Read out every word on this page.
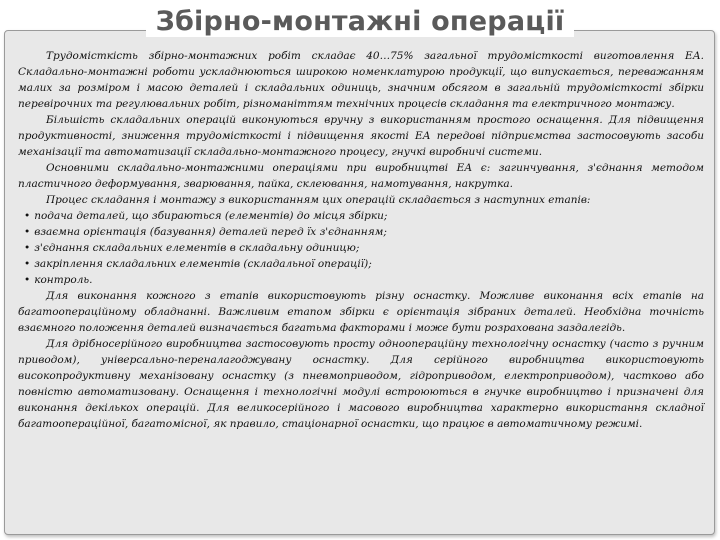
Збірно-монтажні операції

Трудомісткість збірно-монтажних робіт складає 40…75% загальної трудомісткості виготовлення ЕА. Складально-монтажні роботи ускладнюються широкою номенклатурою продукції, що випускається, переважанням малих за розміром і масою деталей і складальних одиниць, значним обсягом в загальній трудомісткості збірки перевірочних та регулювальних робіт, різноманіттям технічних процесів складання та електричного монтажу.

Більшість складальних операцій виконуються вручну з використанням простого оснащення. Для підвищення продуктивності, зниження трудомісткості і підвищення якості ЕА передові підприємства застосовують засоби механізації та автоматизації складально-монтажного процесу, гнучкі виробничі системи.

Основними складально-монтажними операціями при виробництві ЕА є: загинчування, з'єднання методом пластичного деформування, зварювання, пайка, склеювання, намотування, накрутка.

Процес складання і монтажу з використанням цих операцій складається з наступних етапів:

• подача деталей, що збираються (елементів) до місця збірки;
• взаємна орієнтація (базування) деталей перед їх з'єднанням;
• з'єднання складальних елементів в складальну одиницю;
• закріплення складальних елементів (складальної операції);
• контроль.

Для виконання кожного з етапів використовують різну оснастку. Можливе виконання всіх етапів на багатоопераційному обладнанні. Важливим етапом збірки є орієнтація зібраних деталей. Необхідна точність взаємного положення деталей визначається багатьма факторами і може бути розрахована заздалегідь.

Для дрібносерійного виробництва застосовують просту одноопераційну технологічну оснастку (часто з ручним приводом), універсально-переналагоджувану оснастку. Для серійного виробництва використовують високопродуктивну механізовану оснастку (з пневмоприводом, гідроприводом, електроприводом), частково або повністю автоматизовану. Оснащення і технологічні модулі встроюються в гнучке виробництво і призначені для виконання декількох операцій. Для великосерійного і масового виробництва характерно використання складної багатоопераційної, багатомісної, як правило, стаціонарної оснастки, що працює в автоматичному режимі.
